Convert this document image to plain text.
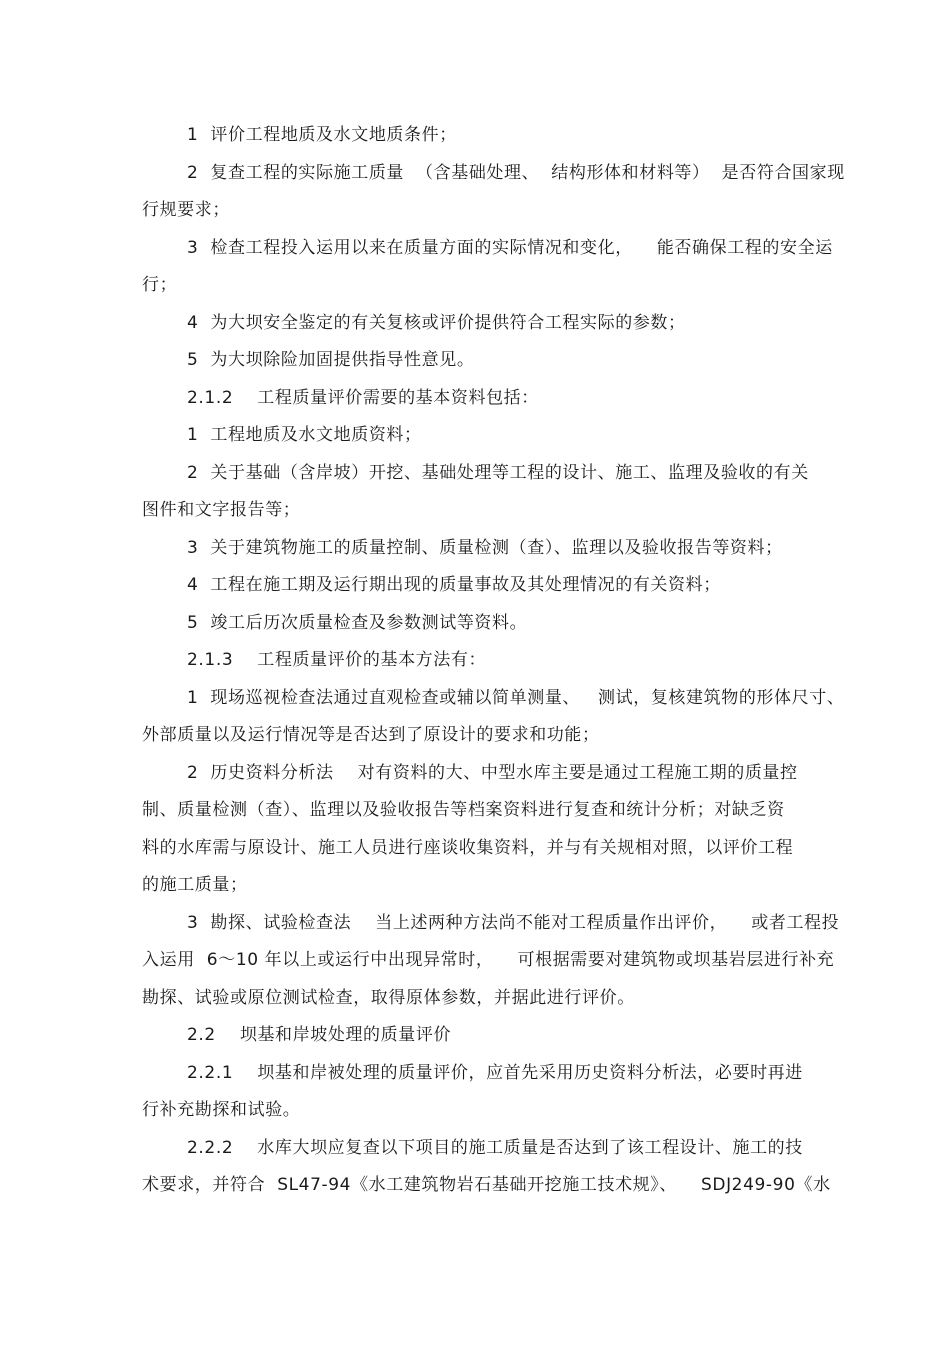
1  评价工程地质及水文地质条件；
2  复查工程的实际施工质量  （含基础处理、  结构形体和材料等）  是否符合国家现
行规要求；
3  检查工程投入运用以来在质量方面的实际情况和变化，    能否确保工程的安全运
行；
4  为大坝安全鉴定的有关复核或评价提供符合工程实际的参数；
5  为大坝除险加固提供指导性意见。
2.1.2    工程质量评价需要的基本资料包括：
1  工程地质及水文地质资料；
2  关于基础（含岸坡）开挖、基础处理等工程的设计、施工、监理及验收的有关
图件和文字报告等；
3  关于建筑物施工的质量控制、质量检测（查）、监理以及验收报告等资料；
4  工程在施工期及运行期出现的质量事故及其处理情况的有关资料；
5  竣工后历次质量检查及参数测试等资料。
2.1.3    工程质量评价的基本方法有：
1  现场巡视检查法通过直观检查或辅以简单测量、   测试，复核建筑物的形体尺寸、
外部质量以及运行情况等是否达到了原设计的要求和功能；
2  历史资料分析法    对有资料的大、中型水库主要是通过工程施工期的质量控
制、质量检测（查）、监理以及验收报告等档案资料进行复查和统计分析；对缺乏资
料的水库需与原设计、施工人员进行座谈收集资料，并与有关规相对照，以评价工程
的施工质量；
3  勘探、试验检查法    当上述两种方法尚不能对工程质量作出评价，    或者工程投
入运用  6～10 年以上或运行中出现异常时，    可根据需要对建筑物或坝基岩层进行补充
勘探、试验或原位测试检查，取得原体参数，并据此进行评价。
2.2    坝基和岸坡处理的质量评价
2.2.1    坝基和岸被处理的质量评价，应首先采用历史资料分析法，必要时再进
行补充勘探和试验。
2.2.2    水库大坝应复查以下项目的施工质量是否达到了该工程设计、施工的技
术要求，并符合  SL47-94《水工建筑物岩石基础开挖施工技术规》、    SDJ249-90《水
